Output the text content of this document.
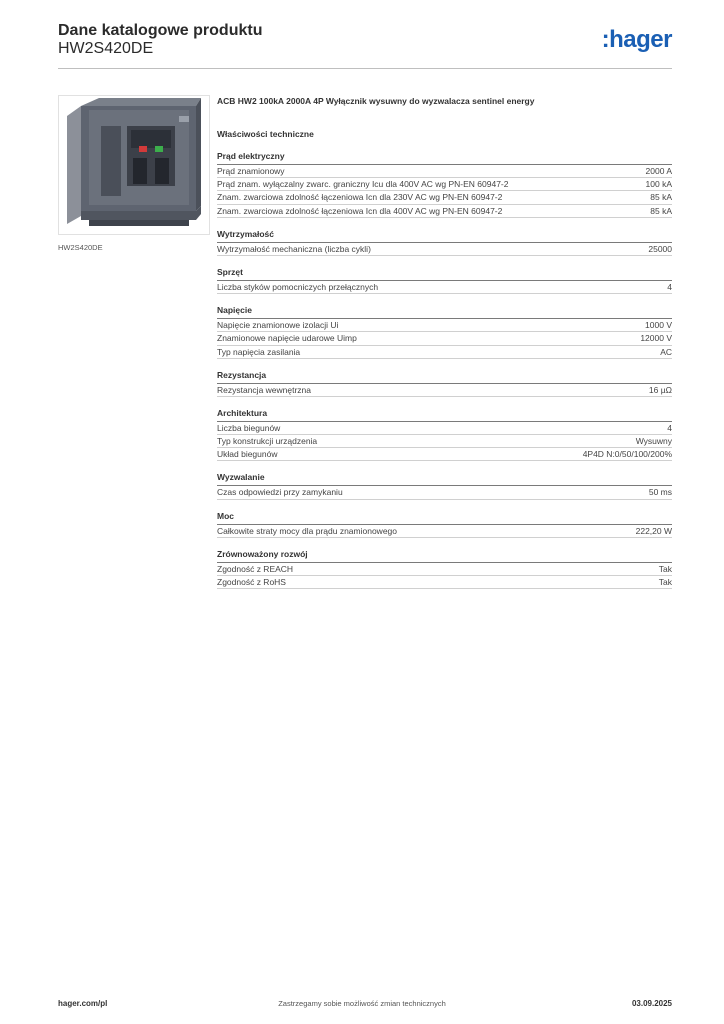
Dane katalogowe produktu
HW2S420DE	:hager
HW2S420DE
ACB HW2 100kA 2000A 4P Wyłącznik wysuwny do wyzwalacza sentinel energy
Właściwości techniczne
Prąd elektryczny
Prąd znamionowy	2000 A
Prąd znam. wyłączalny zwarc. graniczny Icu dla 400V AC wg PN-EN 60947-2	100 kA
Znam. zwarciowa zdolność łączeniowa Icn dla 230V AC wg PN-EN 60947-2	85 kA
Znam. zwarciowa zdolność łączeniowa Icn dla 400V AC wg PN-EN 60947-2	85 kA
Wytrzymałość
Wytrzymałość mechaniczna (liczba cykli)	25000
Sprzęt
Liczba styków pomocniczych przełącznych	4
Napięcie
Napięcie znamionowe izolacji Ui	1000 V
Znamionowe napięcie udarowe Uimp	12000 V
Typ napięcia zasilania	AC
Rezystancja
Rezystancja wewnętrzna	16 µΩ
Architektura
Liczba biegunów	4
Typ konstrukcji urządzenia	Wysuwny
Układ biegunów	4P4D N:0/50/100/200%
Wyzwalanie
Czas odpowiedzi przy zamykaniu	50 ms
Moc
Całkowite straty mocy dla prądu znamionowego	222,20 W
Zrównoważony rozwój
Zgodność z REACH	Tak
Zgodność z RoHS	Tak
hager.com/pl	Zastrzegamy sobie możliwość zmian technicznych	03.09.2025
